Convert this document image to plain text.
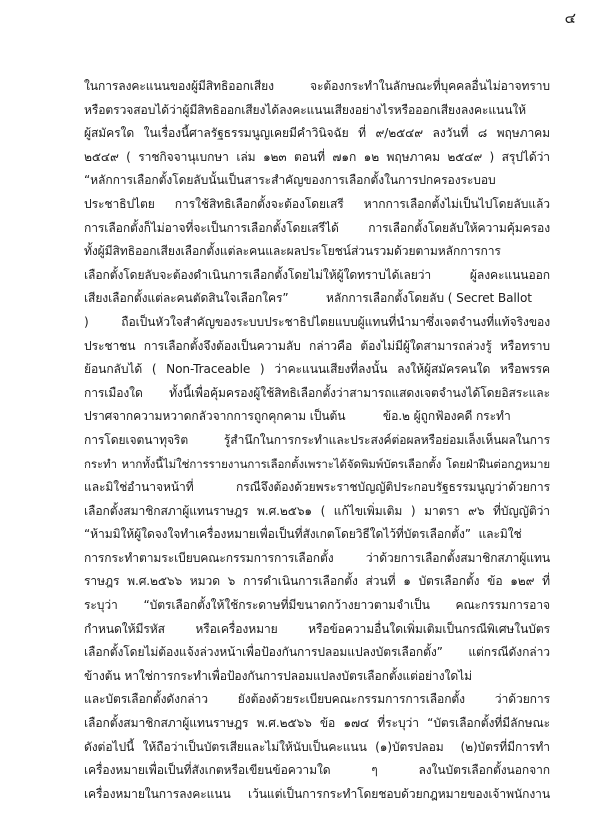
๔
ในการลงคะแนนของผู้มีสิทธิออกเสียง จะต้องกระทำในลักษณะที่บุคคลอื่นไม่อาจทราบ
หรือตรวจสอบได้ว่าผู้มีสิทธิออกเสียงได้ลงคะแนนเสียงอย่างไรหรือออกเสียงลงคะแนนให้
ผู้สมัครใด ในเรื่องนี้ศาลรัฐธรรมนูญเคยมีคำวินิจฉัย ที่ ๙/๒๕๔๙ ลงวันที่ ๘ พฤษภาคม
๒๕๔๙ ( ราชกิจจานุเบกษา เล่ม ๑๒๓ ตอนที่ ๗๑ก ๑๒ พฤษภาคม ๒๕๔๙ ) สรุปได้ว่า
“หลักการเลือกตั้งโดยลับนั้นเป็นสาระสำคัญของการเลือกตั้งในการปกครองระบอบ
ประชาธิปไตย การใช้สิทธิเลือกตั้งจะต้องโดยเสรี หากการเลือกตั้งไม่เป็นไปโดยลับแล้ว
การเลือกตั้งก็ไม่อาจที่จะเป็นการเลือกตั้งโดยเสรีได้ การเลือกตั้งโดยลับให้ความคุ้มครอง
ทั้งผู้มีสิทธิออกเสียงเลือกตั้งแต่ละคนและผลประโยชน์ส่วนรวมด้วยตามหลักการการ
เลือกตั้งโดยลับจะต้องดำเนินการเลือกตั้งโดยไม่ให้ผู้ใดทราบได้เลยว่า ผู้ลงคะแนนออก
เสียงเลือกตั้งแต่ละคนตัดสินใจเลือกใคร”          หลักการเลือกตั้งโดยลับ ( Secret Ballot
) ถือเป็นหัวใจสำคัญของระบบประชาธิปไตยแบบผู้แทนที่นำมาซึ่งเจตจำนงที่แท้จริงของ
ประชาชน การเลือกตั้งจึงต้องเป็นความลับ กล่าวคือ ต้องไม่มีผู้ใดสามารถล่วงรู้ หรือทราบ
ย้อนกลับได้ ( Non-Traceable ) ว่าคะแนนเสียงที่ลงนั้น ลงให้ผู้สมัครคนใด หรือพรรค
การเมืองใด ทั้งนี้เพื่อคุ้มครองผู้ใช้สิทธิเลือกตั้งว่าสามารถแสดงเจตจำนงได้โดยอิสระและ
ปราศจากความหวาดกลัวจากการถูกคุกคาม เป็นต้น          ข้อ.๒ ผู้ถูกฟ้องคดี กระทำ
การโดยเจตนาทุจริต รู้สำนึกในการกระทำและประสงค์ต่อผลหรือย่อมเล็งเห็นผลในการ
กระทำ หากทั้งนี้ไม่ใช่การรายงานการเลือกตั้งเพราะได้จัดพิมพ์บัตรเลือกตั้ง โดยฝ่าฝืนต่อกฎหมาย
และมิใช่อำนาจหน้าที่ กรณีจึงต้องด้วยพระราชบัญญัติประกอบรัฐธรรมนูญว่าด้วยการ
เลือกตั้งสมาชิกสภาผู้แทนราษฎร พ.ศ.๒๕๖๑ ( แก้ไขเพิ่มเติม ) มาตรา ๙๖ ที่บัญญัติว่า
“ห้ามมิให้ผู้ใดจงใจทำเครื่องหมายเพื่อเป็นที่สังเกตโดยวิธีใดไว้ที่บัตรเลือกตั้ง”  และมิใช่
การกระทำตามระเบียบคณะกรรมการการเลือกตั้ง ว่าด้วยการเลือกตั้งสมาชิกสภาผู้แทน
ราษฎร พ.ศ.๒๕๖๖ หมวด ๖ การดำเนินการเลือกตั้ง ส่วนที่ ๑ บัตรเลือกตั้ง ข้อ ๑๒๙ ที่
ระบุว่า “บัตรเลือกตั้งให้ใช้กระดาษที่มีขนาดกว้างยาวตามจำเป็น คณะกรรมการอาจ
กำหนดให้มีรหัส หรือเครื่องหมาย หรือข้อความอื่นใดเพิ่มเติมเป็นกรณีพิเศษในบัตร
เลือกตั้งโดยไม่ต้องแจ้งล่วงหน้าเพื่อป้องกันการปลอมแปลงบัตรเลือกตั้ง” แต่กรณีดังกล่าว
ข้างต้น หาใช่การกระทำเพื่อป้องกันการปลอมแปลงบัตรเลือกตั้งแต่อย่างใดไม่
และบัตรเลือกตั้งดังกล่าว ยังต้องด้วยระเบียบคณะกรรมการการเลือกตั้ง ว่าด้วยการ
เลือกตั้งสมาชิกสภาผู้แทนราษฎร พ.ศ.๒๕๖๖ ข้อ ๑๗๔ ที่ระบุว่า “บัตรเลือกตั้งที่มีลักษณะ
ดังต่อไปนี้ ให้ถือว่าเป็นบัตรเสียและไม่ให้นับเป็นคะแนน (๑)บัตรปลอม  (๒)บัตรที่มีการทำ
เครื่องหมายเพื่อเป็นที่สังเกตหรือเขียนข้อความใด ๆ ลงในบัตรเลือกตั้งนอกจาก
เครื่องหมายในการลงคะแนน เว้นแต่เป็นการกระทำโดยชอบด้วยกฎหมายของเจ้าพนักงาน
